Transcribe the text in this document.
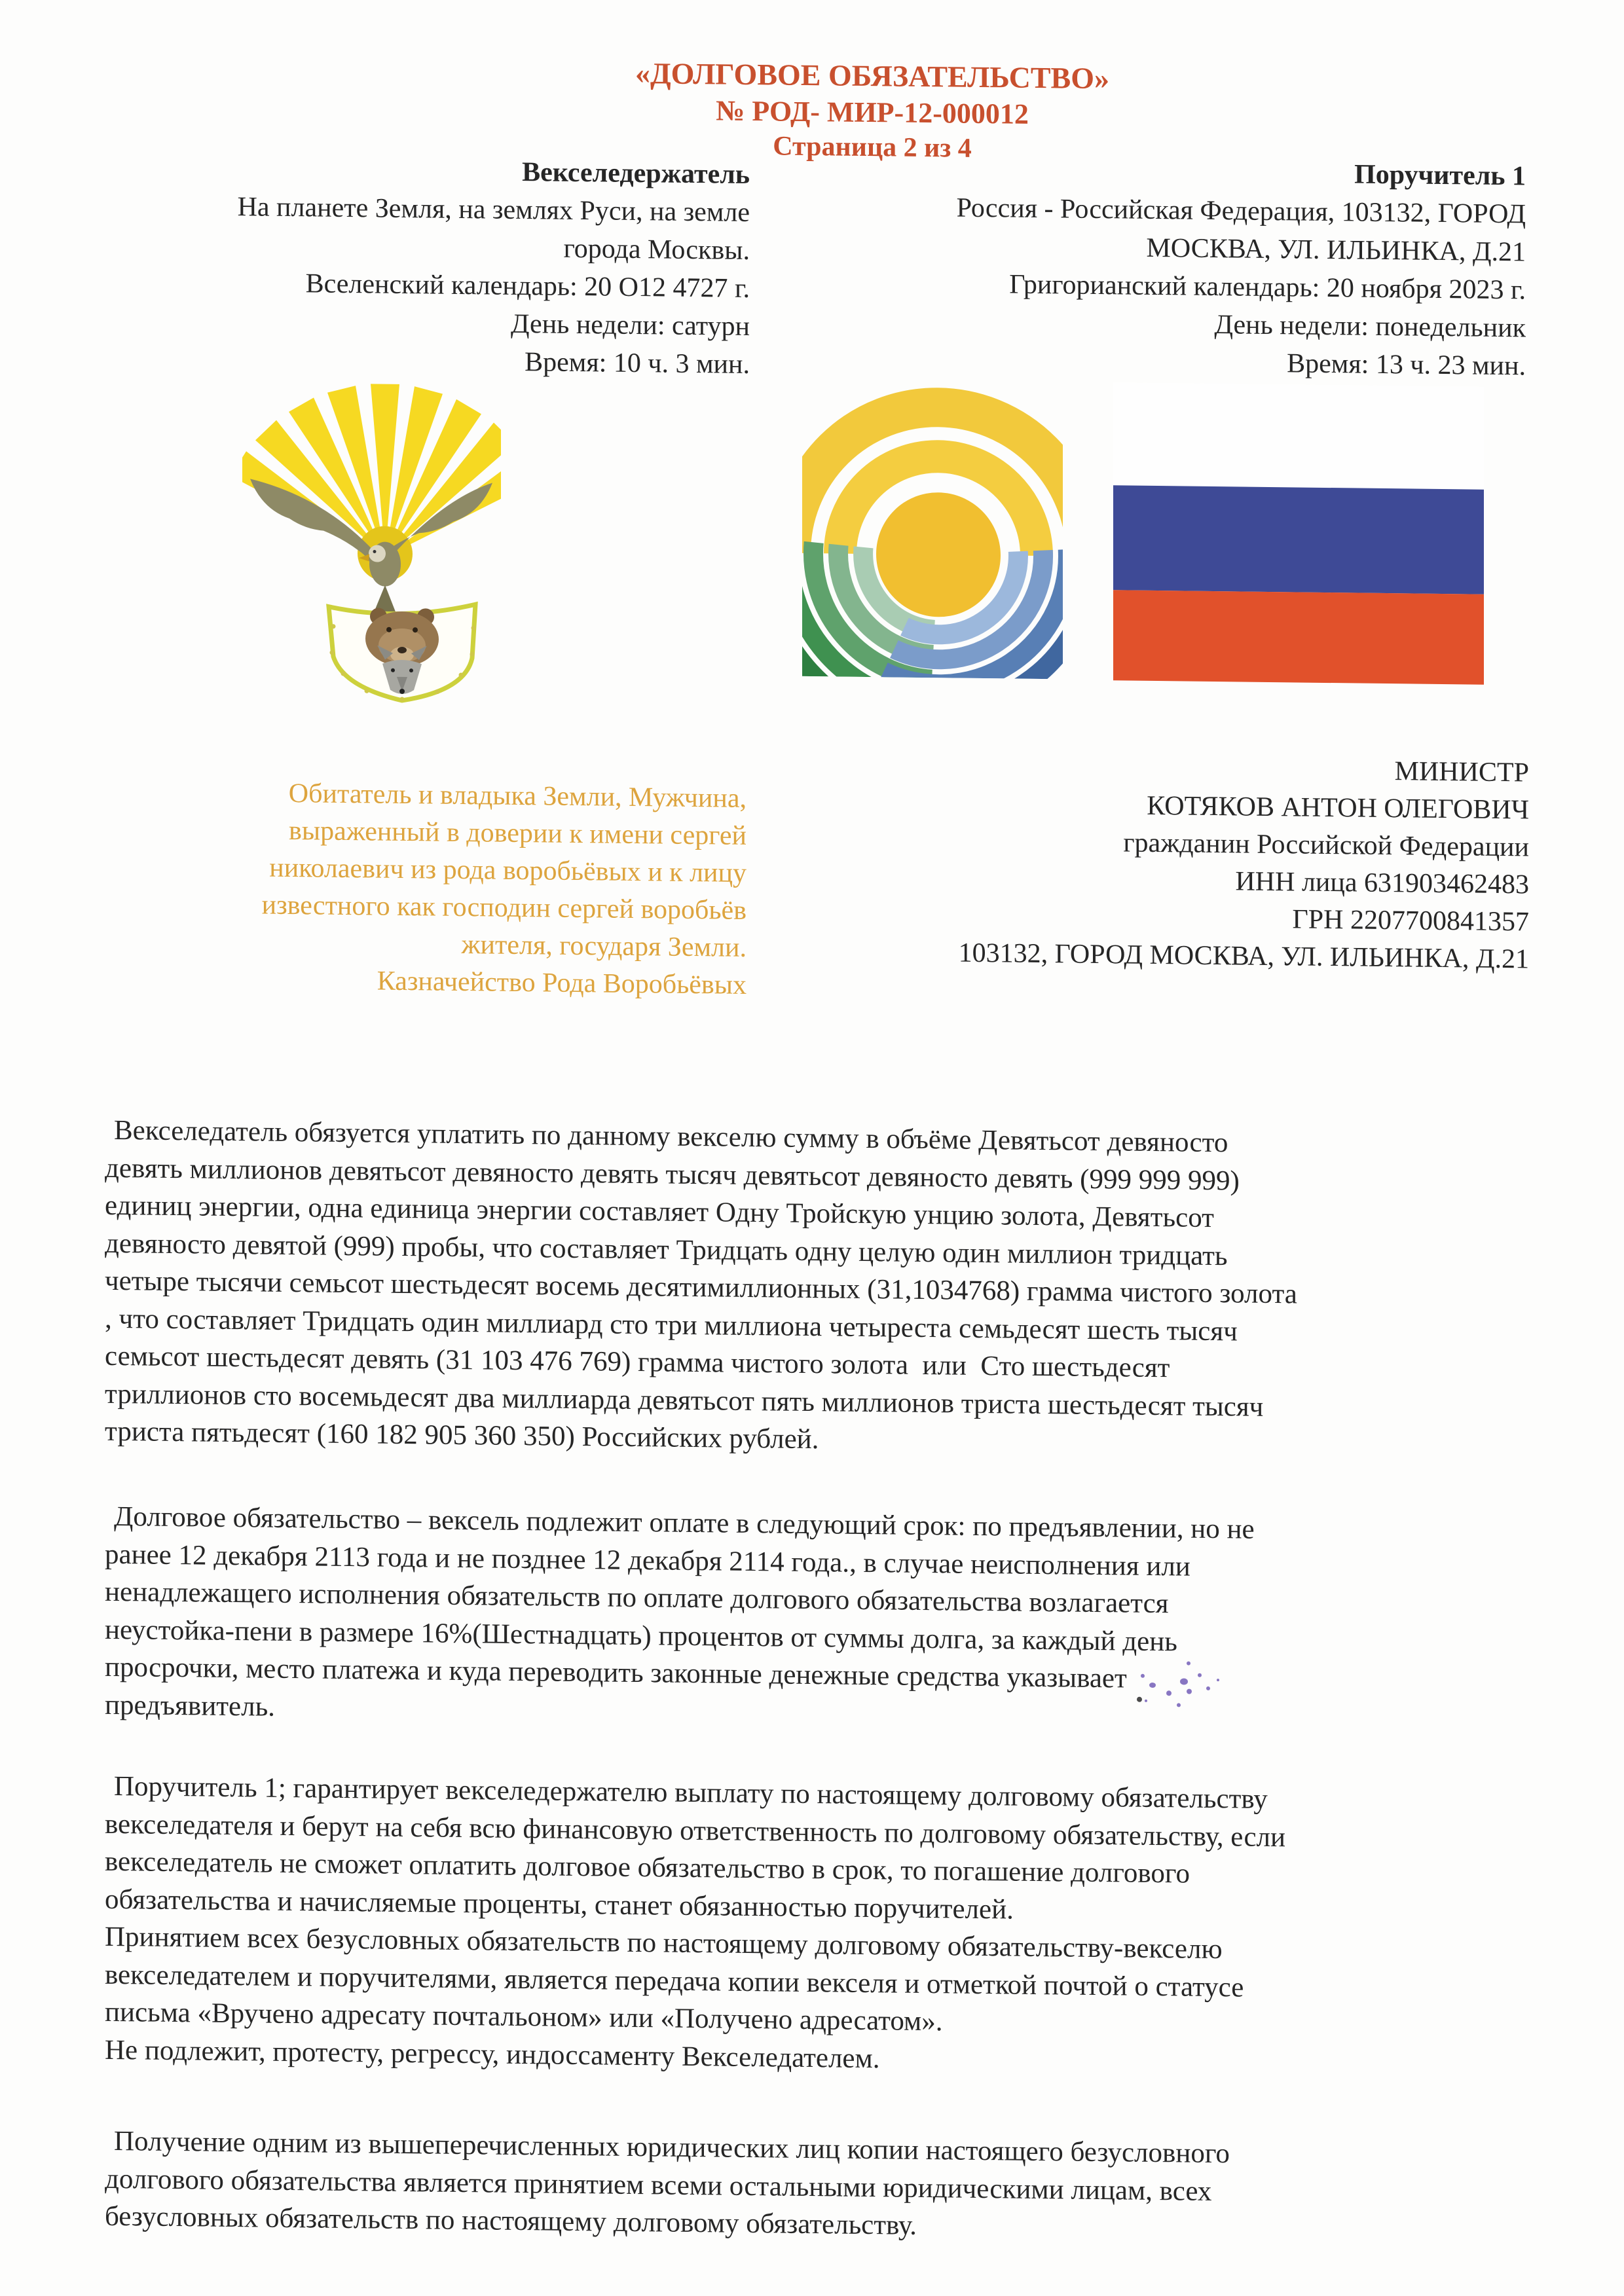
«ДОЛГОВОЕ ОБЯЗАТЕЛЬСТВО»
№ РОД- МИР-12-000012
Страница 2 из 4
Векселедержатель
На планете Земля, на землях Руси, на земле
города Москвы.
Вселенский календарь: 20 О12 4727 г.
День недели: сатурн
Время: 10 ч. 3 мин.
Поручитель 1
Россия - Российская Федерация, 103132, ГОРОД
МОСКВА, УЛ. ИЛЬИНКА, Д.21
Григорианский календарь: 20 ноября 2023 г.
День недели: понедельник
Время: 13 ч. 23 мин.
Обитатель и владыка Земли, Мужчина,
выраженный в доверии к имени сергей
николаевич из рода воробьёвых и к лицу
известного как господин сергей воробьёв
жителя, государя Земли.
Казначейство Рода Воробьёвых
МИНИСТР
КОТЯКОВ АНТОН ОЛЕГОВИЧ
гражданин Российской Федерации
ИНН лица 631903462483
ГРН 2207700841357
103132, ГОРОД МОСКВА, УЛ. ИЛЬИНКА, Д.21
Векселедатель обязуется уплатить по данному векселю сумму в объёме Девятьсот девяносто
девять миллионов девятьсот девяносто девять тысяч девятьсот девяносто девять (999 999 999)
единиц энергии, одна единица энергии составляет Одну Тройскую унцию золота, Девятьсот
девяносто девятой (999) пробы, что составляет Тридцать одну целую один миллион тридцать
четыре тысячи семьсот шестьдесят восемь десятимиллионных (31,1034768) грамма чистого золота
, что составляет Тридцать один миллиард сто три миллиона четыреста семьдесят шесть тысяч
семьсот шестьдесят девять (31 103 476 769) грамма чистого золота  или  Сто шестьдесят
триллионов сто восемьдесят два миллиарда девятьсот пять миллионов триста шестьдесят тысяч
триста пятьдесят (160 182 905 360 350) Российских рублей.
Долговое обязательство – вексель подлежит оплате в следующий срок: по предъявлении, но не
ранее 12 декабря 2113 года и не позднее 12 декабря 2114 года., в случае неисполнения или
ненадлежащего исполнения обязательств по оплате долгового обязательства возлагается
неустойка-пени в размере 16%(Шестнадцать) процентов от суммы долга, за каждый день
просрочки, место платежа и куда переводить законные денежные средства указывает
предъявитель.
Поручитель 1; гарантирует векселедержателю выплату по настоящему долговому обязательству
векселедателя и берут на себя всю финансовую ответственность по долговому обязательству, если
векселедатель не сможет оплатить долговое обязательство в срок, то погашение долгового
обязательства и начисляемые проценты, станет обязанностью поручителей.
Принятием всех безусловных обязательств по настоящему долговому обязательству-векселю
векселедателем и поручителями, является передача копии векселя и отметкой почтой о статусе
письма «Вручено адресату почтальоном» или «Получено адресатом».
Не подлежит, протесту, регрессу, индоссаменту Векселедателем.
Получение одним из вышеперечисленных юридических лиц копии настоящего безусловного
долгового обязательства является принятием всеми остальными юридическими лицам, всех
безусловных обязательств по настоящему долговому обязательству.
